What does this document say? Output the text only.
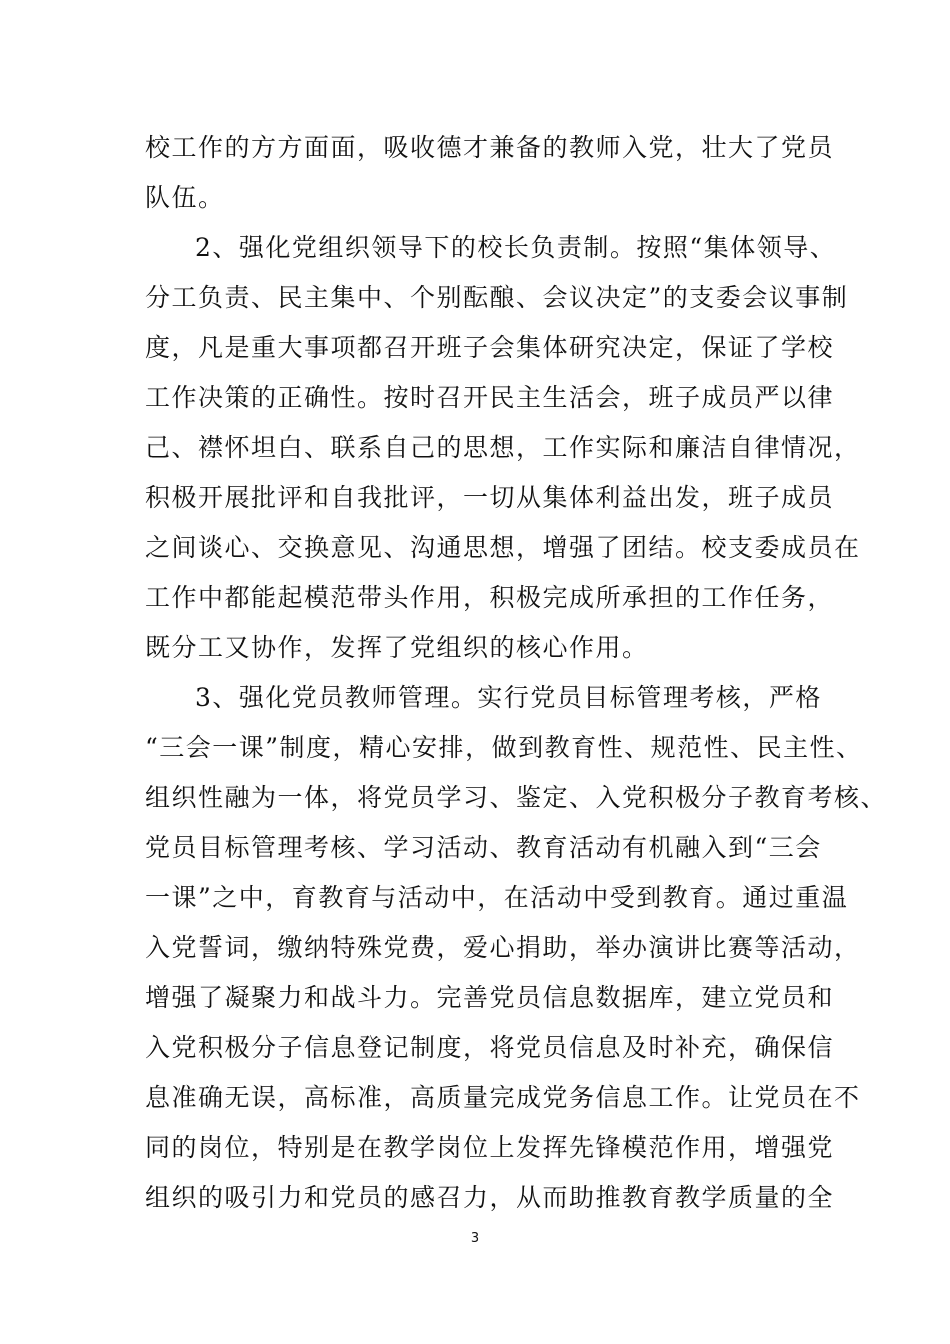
校工作的方方面面，吸收德才兼备的教师入党，壮大了党员
队伍。
2、强化党组织领导下的校长负责制。按照“集体领导、
分工负责、民主集中、个别酝酿、会议决定”的支委会议事制
度，凡是重大事项都召开班子会集体研究决定，保证了学校
工作决策的正确性。按时召开民主生活会，班子成员严以律
己、襟怀坦白、联系自己的思想，工作实际和廉洁自律情况，
积极开展批评和自我批评，一切从集体利益出发，班子成员
之间谈心、交换意见、沟通思想，增强了团结。校支委成员在
工作中都能起模范带头作用，积极完成所承担的工作任务，
既分工又协作，发挥了党组织的核心作用。
3、强化党员教师管理。实行党员目标管理考核，严格
“三会一课”制度，精心安排，做到教育性、规范性、民主性、
组织性融为一体，将党员学习、鉴定、入党积极分子教育考核、
党员目标管理考核、学习活动、教育活动有机融入到“三会
一课”之中，育教育与活动中，在活动中受到教育。通过重温
入党誓词，缴纳特殊党费，爱心捐助，举办演讲比赛等活动，
增强了凝聚力和战斗力。完善党员信息数据库，建立党员和
入党积极分子信息登记制度，将党员信息及时补充，确保信
息准确无误，高标准，高质量完成党务信息工作。让党员在不
同的岗位，特别是在教学岗位上发挥先锋模范作用，增强党
组织的吸引力和党员的感召力，从而助推教育教学质量的全
3
